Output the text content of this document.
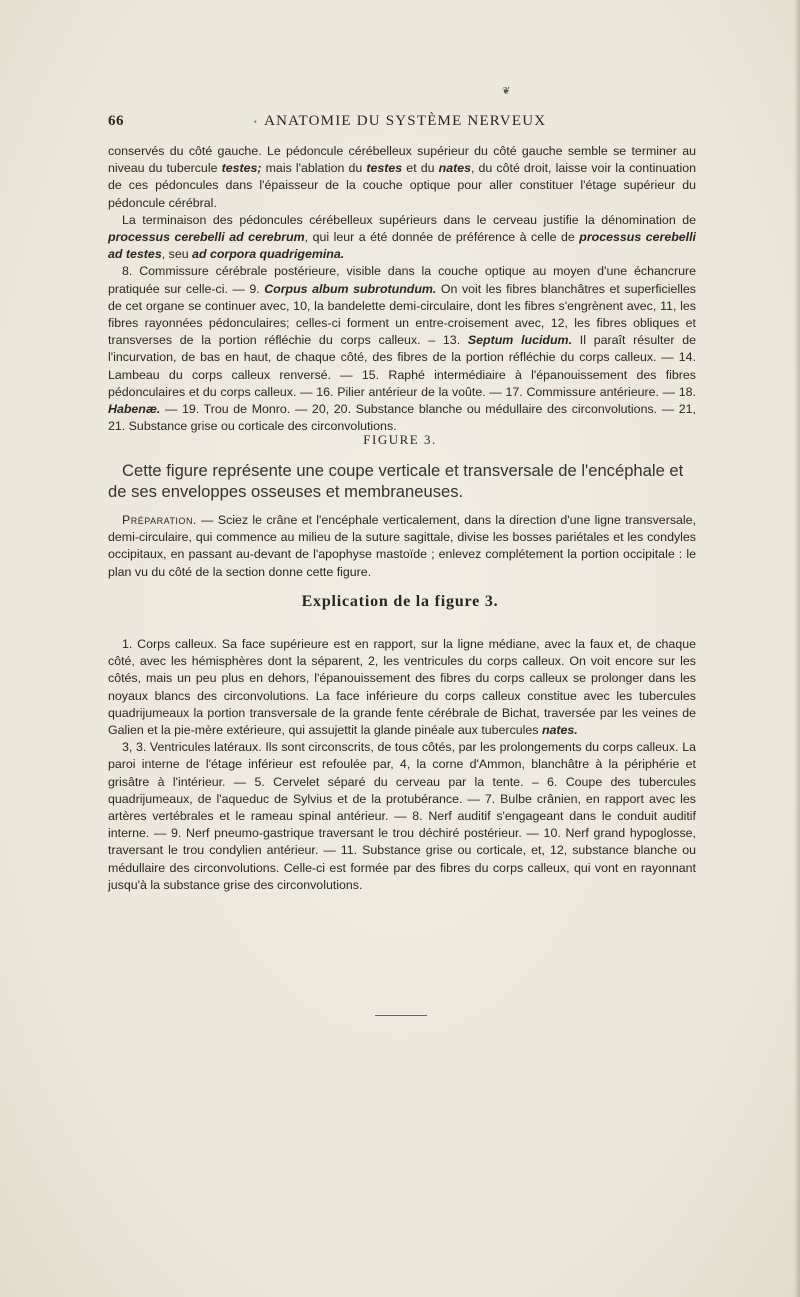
❦
66	• ANATOMIE DU SYSTÈME NERVEUX

conservés du côté gauche. Le pédoncule cérébelleux supérieur du côté gauche semble se terminer au niveau du tubercule testes; mais l'ablation du testes et du nates, du côté droit, laisse voir la continuation de ces pédoncules dans l'épaisseur de la couche optique pour aller constituer l'étage supérieur du pédoncule cérébral.

La terminaison des pédoncules cérébelleux supérieurs dans le cerveau justifie la dénomination de processus cerebelli ad cerebrum, qui leur a été donnée de préférence à celle de processus cerebelli ad testes, seu ad corpora quadrigemina.

8. Commissure cérébrale postérieure, visible dans la couche optique au moyen d'une échancrure pratiquée sur celle-ci. — 9. Corpus album subrotundum. On voit les fibres blanchâtres et superficielles de cet organe se continuer avec, 10, la bandelette demi-circulaire, dont les fibres s'engrènent avec, 11, les fibres rayonnées pédonculaires; celles-ci forment un entre-croisement avec, 12, les fibres obliques et transverses de la portion réfléchie du corps calleux. – 13. Septum lucidum. Il paraît résulter de l'incurvation, de bas en haut, de chaque côté, des fibres de la portion réfléchie du corps calleux. — 14. Lambeau du corps calleux renversé. — 15. Raphé intermédiaire à l'épanouissement des fibres pédonculaires et du corps calleux. — 16. Pilier antérieur de la voûte. — 17. Commissure antérieure. — 18. Habenæ. — 19. Trou de Monro. — 20, 20. Substance blanche ou médullaire des circonvolutions. — 21, 21. Substance grise ou corticale des circonvolutions.

FIGURE 3.
Cette figure représente une coupe verticale et transversale de l'encéphale et de ses enveloppes osseuses et membraneuses.
Préparation. — Sciez le crâne et l'encéphale verticalement, dans la direction d'une ligne transversale, demi-circulaire, qui commence au milieu de la suture sagittale, divise les bosses pariétales et les condyles occipitaux, en passant au-devant de l'apophyse mastoïde ; enlevez complétement la portion occipitale : le plan vu du côté de la section donne cette figure.
Explication de la figure 3.

1. Corps calleux. Sa face supérieure est en rapport, sur la ligne médiane, avec la faux et, de chaque côté, avec les hémisphères dont la séparent, 2, les ventricules du corps calleux. On voit encore sur les côtés, mais un peu plus en dehors, l'épanouissement des fibres du corps calleux se prolonger dans les noyaux blancs des circonvolutions. La face inférieure du corps calleux constitue avec les tubercules quadrijumeaux la portion transversale de la grande fente cérébrale de Bichat, traversée par les veines de Galien et la pie-mère extérieure, qui assujettit la glande pinéale aux tubercules nates.

3, 3. Ventricules latéraux. Ils sont circonscrits, de tous côtés, par les prolongements du corps calleux. La paroi interne de l'étage inférieur est refoulée par, 4, la corne d'Ammon, blanchâtre à la périphérie et grisâtre à l'intérieur. — 5. Cervelet séparé du cerveau par la tente. – 6. Coupe des tubercules quadrijumeaux, de l'aqueduc de Sylvius et de la protubérance. — 7. Bulbe crânien, en rapport avec les artères vertébrales et le rameau spinal antérieur. — 8. Nerf auditif s'engageant dans le conduit auditif interne. — 9. Nerf pneumo-gastrique traversant le trou déchiré postérieur. — 10. Nerf grand hypoglosse, traversant le trou condylien antérieur. — 11. Substance grise ou corticale, et, 12, substance blanche ou médullaire des circonvolutions. Celle-ci est formée par des fibres du corps calleux, qui vont en rayonnant jusqu'à la substance grise des circonvolutions.
